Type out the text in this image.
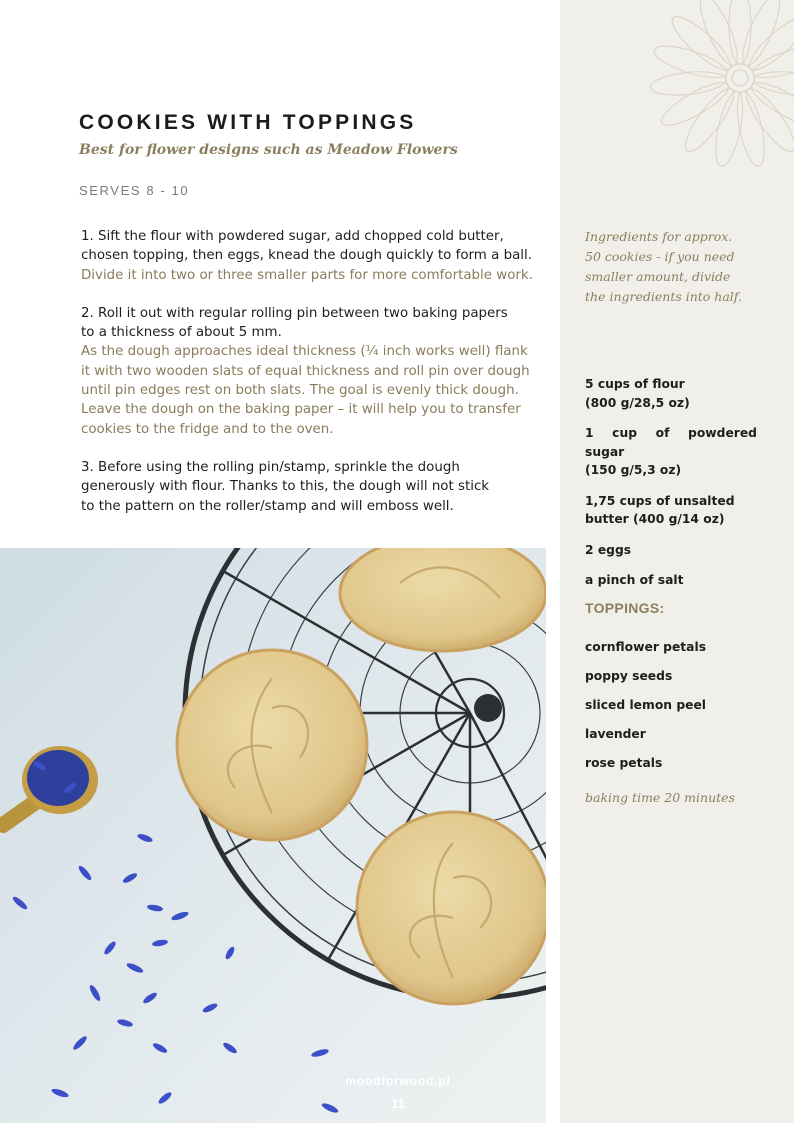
COOKIES WITH TOPPINGS

Best for flower designs such as Meadow Flowers

SERVES 8 - 10

1. Sift the flour with powdered sugar, add chopped cold butter,
chosen topping, then eggs, knead the dough quickly to form a ball.
Divide it into two or three smaller parts for more comfortable work.

2. Roll it out with regular rolling pin between two baking papers
to a thickness of about 5 mm.
As the dough approaches ideal thickness (¼ inch works well) flank
it with two wooden slats of equal thickness and roll pin over dough
until pin edges rest on both slats. The goal is evenly thick dough.
Leave the dough on the baking paper – it will help you to transfer
cookies to the fridge and to the oven.

3. Before using the rolling pin/stamp, sprinkle the dough
generously with flour. Thanks to this, the dough will not stick
to the pattern on the roller/stamp and will emboss well.

moodforwood.pl

11

Ingredients for approx.
50 cookies - if you need
smaller amount, divide
the ingredients into half.

5 cups of flour
(800 g/28,5 oz)

1 cup of powdered sugar
(150 g/5,3 oz)

1,75 cups of unsalted
butter (400 g/14 oz)

2 eggs

a pinch of salt

TOPPINGS:

cornflower petals

poppy seeds

sliced lemon peel

lavender

rose petals

baking time 20 minutes
